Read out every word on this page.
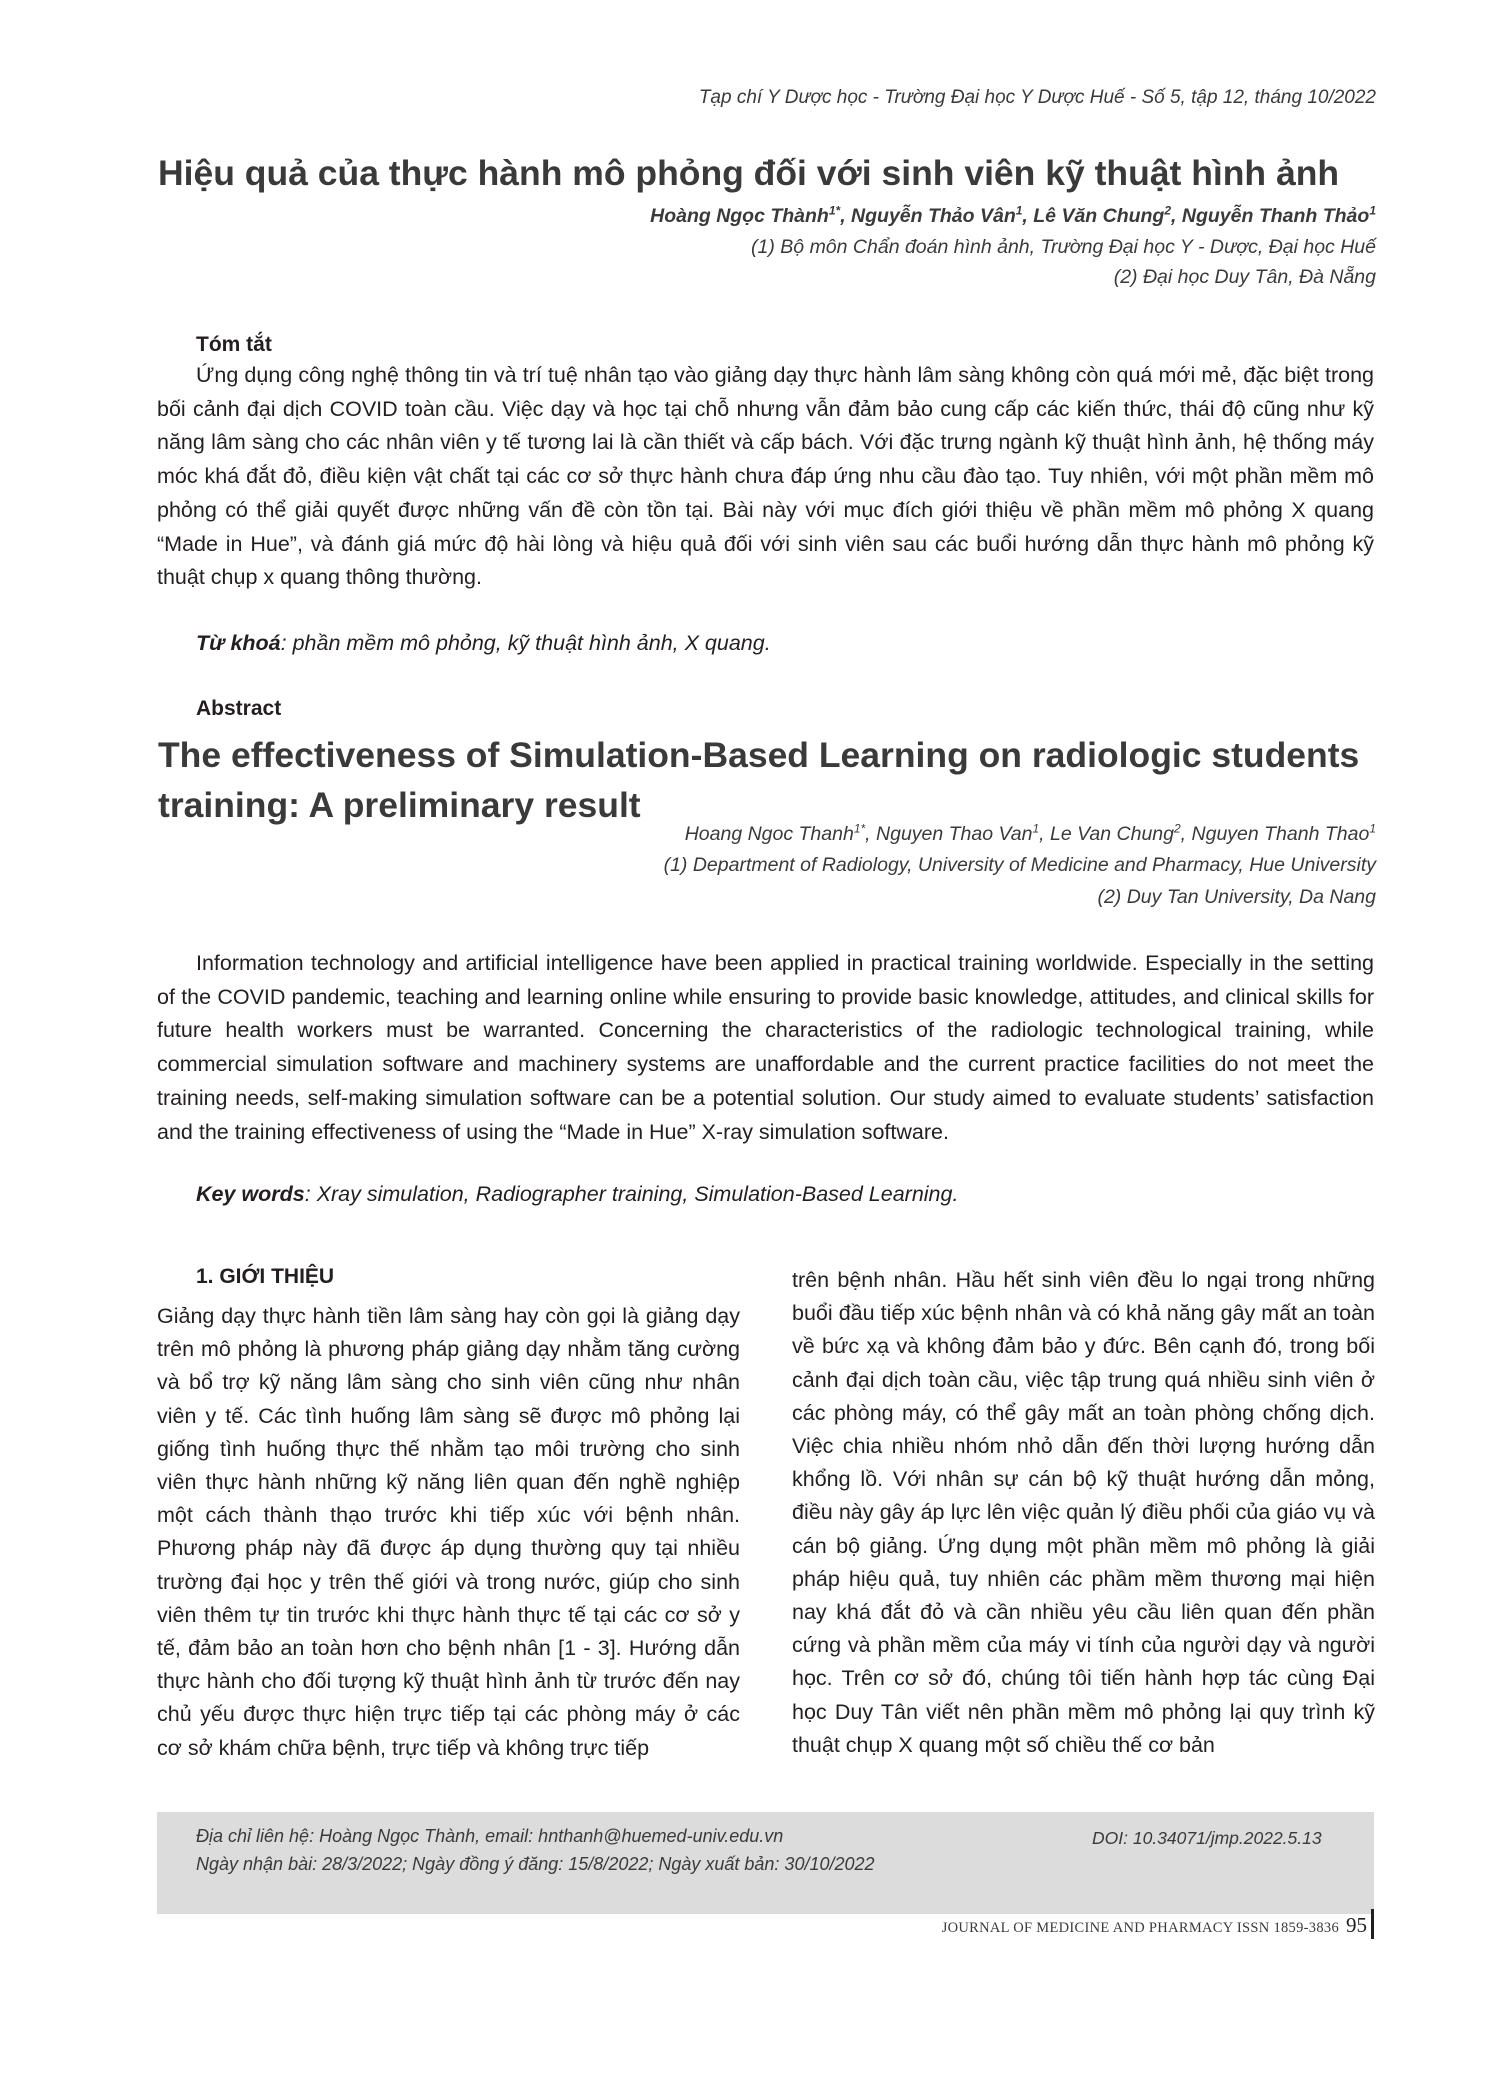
Tạp chí Y Dược học - Trường Đại học Y Dược Huế - Số 5, tập 12, tháng 10/2022
Hiệu quả của thực hành mô phỏng đối với sinh viên kỹ thuật hình ảnh
Hoàng Ngọc Thành$^{1*}$, Nguyễn Thảo Vân$^1$, Lê Văn Chung$^2$, Nguyễn Thanh Thảo$^1$
(1) Bộ môn Chẩn đoán hình ảnh, Trường Đại học Y - Dược, Đại học Huế
(2) Đại học Duy Tân, Đà Nẵng
Tóm tắt
Ứng dụng công nghệ thông tin và trí tuệ nhân tạo vào giảng dạy thực hành lâm sàng không còn quá mới mẻ, đặc biệt trong bối cảnh đại dịch COVID toàn cầu. Việc dạy và học tại chỗ nhưng vẫn đảm bảo cung cấp các kiến thức, thái độ cũng như kỹ năng lâm sàng cho các nhân viên y tế tương lai là cần thiết và cấp bách. Với đặc trưng ngành kỹ thuật hình ảnh, hệ thống máy móc khá đắt đỏ, điều kiện vật chất tại các cơ sở thực hành chưa đáp ứng nhu cầu đào tạo. Tuy nhiên, với một phần mềm mô phỏng có thể giải quyết được những vấn đề còn tồn tại. Bài này với mục đích giới thiệu về phần mềm mô phỏng X quang “Made in Hue”, và đánh giá mức độ hài lòng và hiệu quả đối với sinh viên sau các buổi hướng dẫn thực hành mô phỏng kỹ thuật chụp x quang thông thường.
Từ khoá: phần mềm mô phỏng, kỹ thuật hình ảnh, X quang.
Abstract
The effectiveness of Simulation-Based Learning on radiologic students training: A preliminary result
Hoang Ngoc Thanh$^{1*}$, Nguyen Thao Van$^1$, Le Van Chung$^2$, Nguyen Thanh Thao$^1$
(1) Department of Radiology, University of Medicine and Pharmacy, Hue University
(2) Duy Tan University, Da Nang
Information technology and artificial intelligence have been applied in practical training worldwide. Especially in the setting of the COVID pandemic, teaching and learning online while ensuring to provide basic knowledge, attitudes, and clinical skills for future health workers must be warranted. Concerning the characteristics of the radiologic technological training, while commercial simulation software and machinery systems are unaffordable and the current practice facilities do not meet the training needs, self-making simulation software can be a potential solution. Our study aimed to evaluate students’ satisfaction and the training effectiveness of using the “Made in Hue” X-ray simulation software.
Key words: Xray simulation, Radiographer training, Simulation-Based Learning.
1. GIỚI THIỆU
Giảng dạy thực hành tiền lâm sàng hay còn gọi là giảng dạy trên mô phỏng là phương pháp giảng dạy nhằm tăng cường và bổ trợ kỹ năng lâm sàng cho sinh viên cũng như nhân viên y tế. Các tình huống lâm sàng sẽ được mô phỏng lại giống tình huống thực thế nhằm tạo môi trường cho sinh viên thực hành những kỹ năng liên quan đến nghề nghiệp một cách thành thạo trước khi tiếp xúc với bệnh nhân. Phương pháp này đã được áp dụng thường quy tại nhiều trường đại học y trên thế giới và trong nước, giúp cho sinh viên thêm tự tin trước khi thực hành thực tế tại các cơ sở y tế, đảm bảo an toàn hơn cho bệnh nhân [1 - 3]. Hướng dẫn thực hành cho đối tượng kỹ thuật hình ảnh từ trước đến nay chủ yếu được thực hiện trực tiếp tại các phòng máy ở các cơ sở khám chữa bệnh, trực tiếp và không trực tiếp
trên bệnh nhân. Hầu hết sinh viên đều lo ngại trong những buổi đầu tiếp xúc bệnh nhân và có khả năng gây mất an toàn về bức xạ và không đảm bảo y đức. Bên cạnh đó, trong bối cảnh đại dịch toàn cầu, việc tập trung quá nhiều sinh viên ở các phòng máy, có thể gây mất an toàn phòng chống dịch. Việc chia nhiều nhóm nhỏ dẫn đến thời lượng hướng dẫn khổng lồ. Với nhân sự cán bộ kỹ thuật hướng dẫn mỏng, điều này gây áp lực lên việc quản lý điều phối của giáo vụ và cán bộ giảng. Ứng dụng một phần mềm mô phỏng là giải pháp hiệu quả, tuy nhiên các phầm mềm thương mại hiện nay khá đắt đỏ và cần nhiều yêu cầu liên quan đến phần cứng và phần mềm của máy vi tính của người dạy và người học. Trên cơ sở đó, chúng tôi tiến hành hợp tác cùng Đại học Duy Tân viết nên phần mềm mô phỏng lại quy trình kỹ thuật chụp X quang một số chiều thế cơ bản
Địa chỉ liên hệ: Hoàng Ngọc Thành, email: hnthanh@huemed-univ.edu.vn
Ngày nhận bài: 28/3/2022; Ngày đồng ý đăng: 15/8/2022; Ngày xuất bản: 30/10/2022
DOI: 10.34071/jmp.2022.5.13
JOURNAL OF MEDICINE AND PHARMACY ISSN 1859-3836 95
